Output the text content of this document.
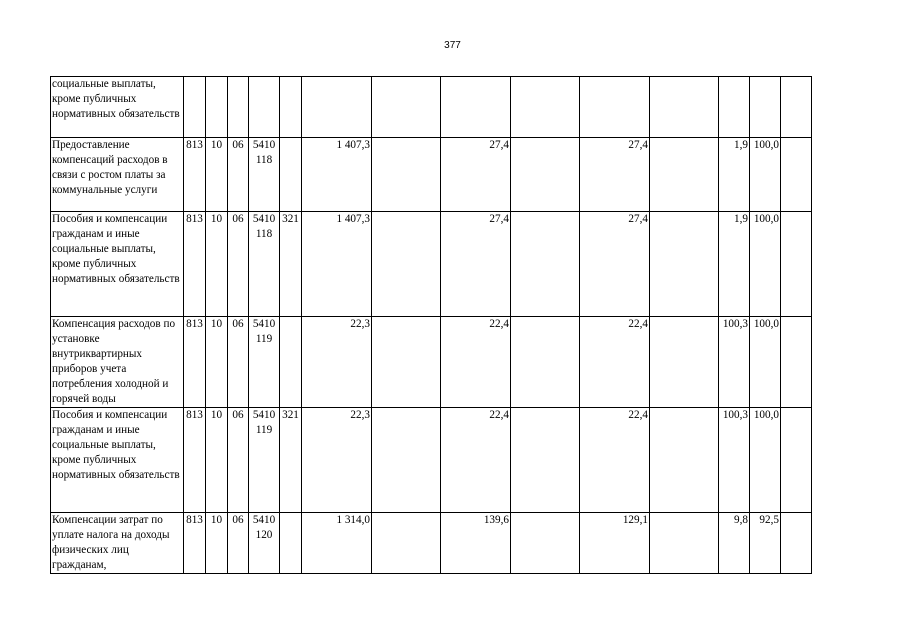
377
социальные выплаты, кроме публичных нормативных обязательств														
Предоставление компенсаций расходов в связи с ростом платы за коммунальные услуги	813	10	06	5410 118		1 407,3		27,4		27,4		1,9	100,0	
Пособия и компенсации гражданам и иные социальные выплаты, кроме публичных нормативных обязательств	813	10	06	5410 118	321	1 407,3		27,4		27,4		1,9	100,0	
Компенсация расходов по установке внутриквартирных приборов учета потребления холодной и горячей воды	813	10	06	5410 119		22,3		22,4		22,4		100,3	100,0	
Пособия и компенсации гражданам и иные социальные выплаты, кроме публичных нормативных обязательств	813	10	06	5410 119	321	22,3		22,4		22,4		100,3	100,0	
Компенсации затрат по уплате налога на доходы физических лиц гражданам,	813	10	06	5410 120		1 314,0		139,6		129,1		9,8	92,5	
